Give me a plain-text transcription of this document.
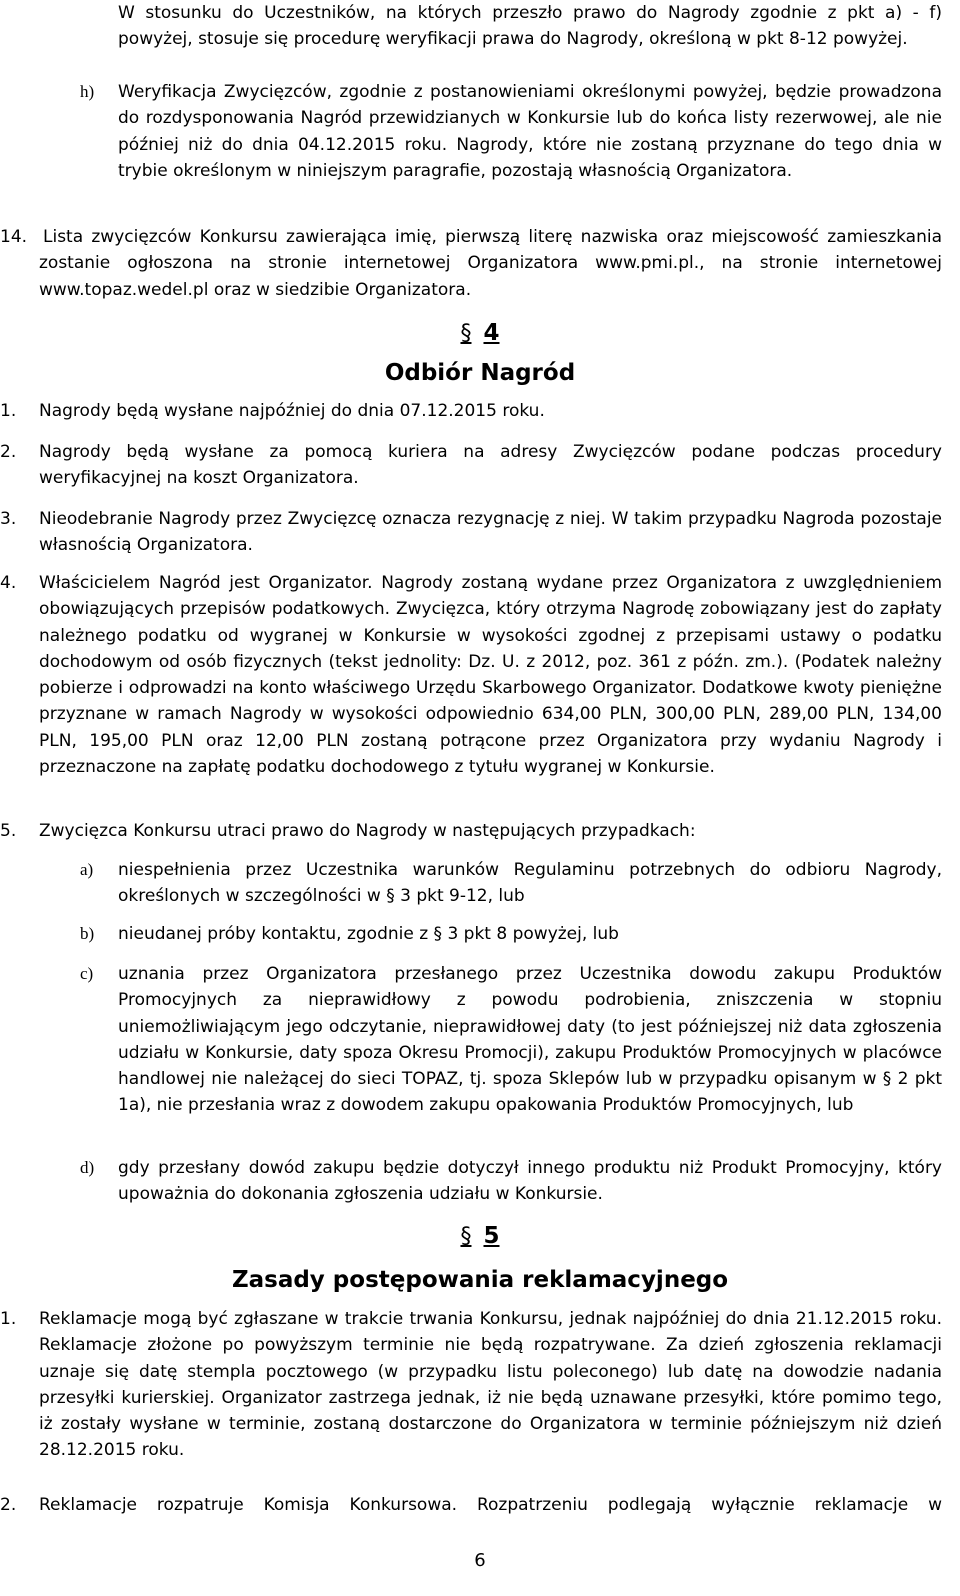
W stosunku do Uczestników, na których przeszło prawo do Nagrody zgodnie z pkt a) - f) powyżej, stosuje się procedurę weryfikacji prawa do Nagrody, określoną w pkt 8-12 powyżej.
h) Weryfikacja Zwycięzców, zgodnie z postanowieniami określonymi powyżej, będzie prowadzona do rozdysponowania Nagród przewidzianych w Konkursie lub do końca listy rezerwowej, ale nie później niż do dnia 04.12.2015 roku. Nagrody, które nie zostaną przyznane do tego dnia w trybie określonym w niniejszym paragrafie, pozostają własnością Organizatora.
14. Lista zwycięzców Konkursu zawierająca imię, pierwszą literę nazwiska oraz miejscowość zamieszkania zostanie ogłoszona na stronie internetowej Organizatora www.pmi.pl., na stronie internetowej www.topaz.wedel.pl oraz w siedzibie Organizatora.
§ 4
Odbiór Nagród
1.	Nagrody będą wysłane najpóźniej do dnia 07.12.2015 roku.
2.	Nagrody będą wysłane za pomocą kuriera na adresy Zwycięzców podane podczas procedury weryfikacyjnej na koszt Organizatora.
3.	Nieodebranie Nagrody przez Zwycięzcę oznacza rezygnację z niej. W takim przypadku Nagroda pozostaje własnością Organizatora.
4.	Właścicielem Nagród jest Organizator. Nagrody zostaną wydane przez Organizatora z uwzględnieniem obowiązujących przepisów podatkowych. Zwycięzca, który otrzyma Nagrodę zobowiązany jest do zapłaty należnego podatku od wygranej w Konkursie w wysokości zgodnej z przepisami ustawy o podatku dochodowym od osób fizycznych (tekst jednolity: Dz. U. z 2012, poz. 361 z późn. zm.). (Podatek należny pobierze i odprowadzi na konto właściwego Urzędu Skarbowego Organizator. Dodatkowe kwoty pieniężne przyznane w ramach Nagrody w wysokości odpowiednio 634,00 PLN, 300,00 PLN, 289,00 PLN, 134,00 PLN, 195,00 PLN oraz 12,00 PLN zostaną potrącone przez Organizatora przy wydaniu Nagrody i przeznaczone na zapłatę podatku dochodowego z tytułu wygranej w Konkursie.
5.	Zwycięzca Konkursu utraci prawo do Nagrody w następujących przypadkach:
a) niespełnienia przez Uczestnika warunków Regulaminu potrzebnych do odbioru Nagrody, określonych w szczególności w § 3 pkt 9-12, lub
b) nieudanej próby kontaktu, zgodnie z § 3 pkt 8 powyżej, lub
c) uznania przez Organizatora przesłanego przez Uczestnika dowodu zakupu Produktów Promocyjnych za nieprawidłowy z powodu podrobienia, zniszczenia w stopniu uniemożliwiającym jego odczytanie, nieprawidłowej daty (to jest późniejszej niż data zgłoszenia udziału w Konkursie, daty spoza Okresu Promocji), zakupu Produktów Promocyjnych w placówce handlowej nie należącej do sieci TOPAZ, tj. spoza Sklepów lub w przypadku opisanym w § 2 pkt 1a), nie przesłania wraz z dowodem zakupu opakowania Produktów Promocyjnych, lub
d) gdy przesłany dowód zakupu będzie dotyczył innego produktu niż Produkt Promocyjny, który upoważnia do dokonania zgłoszenia udziału w Konkursie.
§ 5
Zasady postępowania reklamacyjnego
1.	Reklamacje mogą być zgłaszane w trakcie trwania Konkursu, jednak najpóźniej do dnia 21.12.2015 roku. Reklamacje złożone po powyższym terminie nie będą rozpatrywane. Za dzień zgłoszenia reklamacji uznaje się datę stempla pocztowego (w przypadku listu poleconego) lub datę na dowodzie nadania przesyłki kurierskiej. Organizator zastrzega jednak, iż nie będą uznawane przesyłki, które pomimo tego, iż zostały wysłane w terminie, zostaną dostarczone do Organizatora w terminie późniejszym niż dzień 28.12.2015 roku.
2.	Reklamacje rozpatruje Komisja Konkursowa. Rozpatrzeniu podlegają wyłącznie reklamacje w
6
